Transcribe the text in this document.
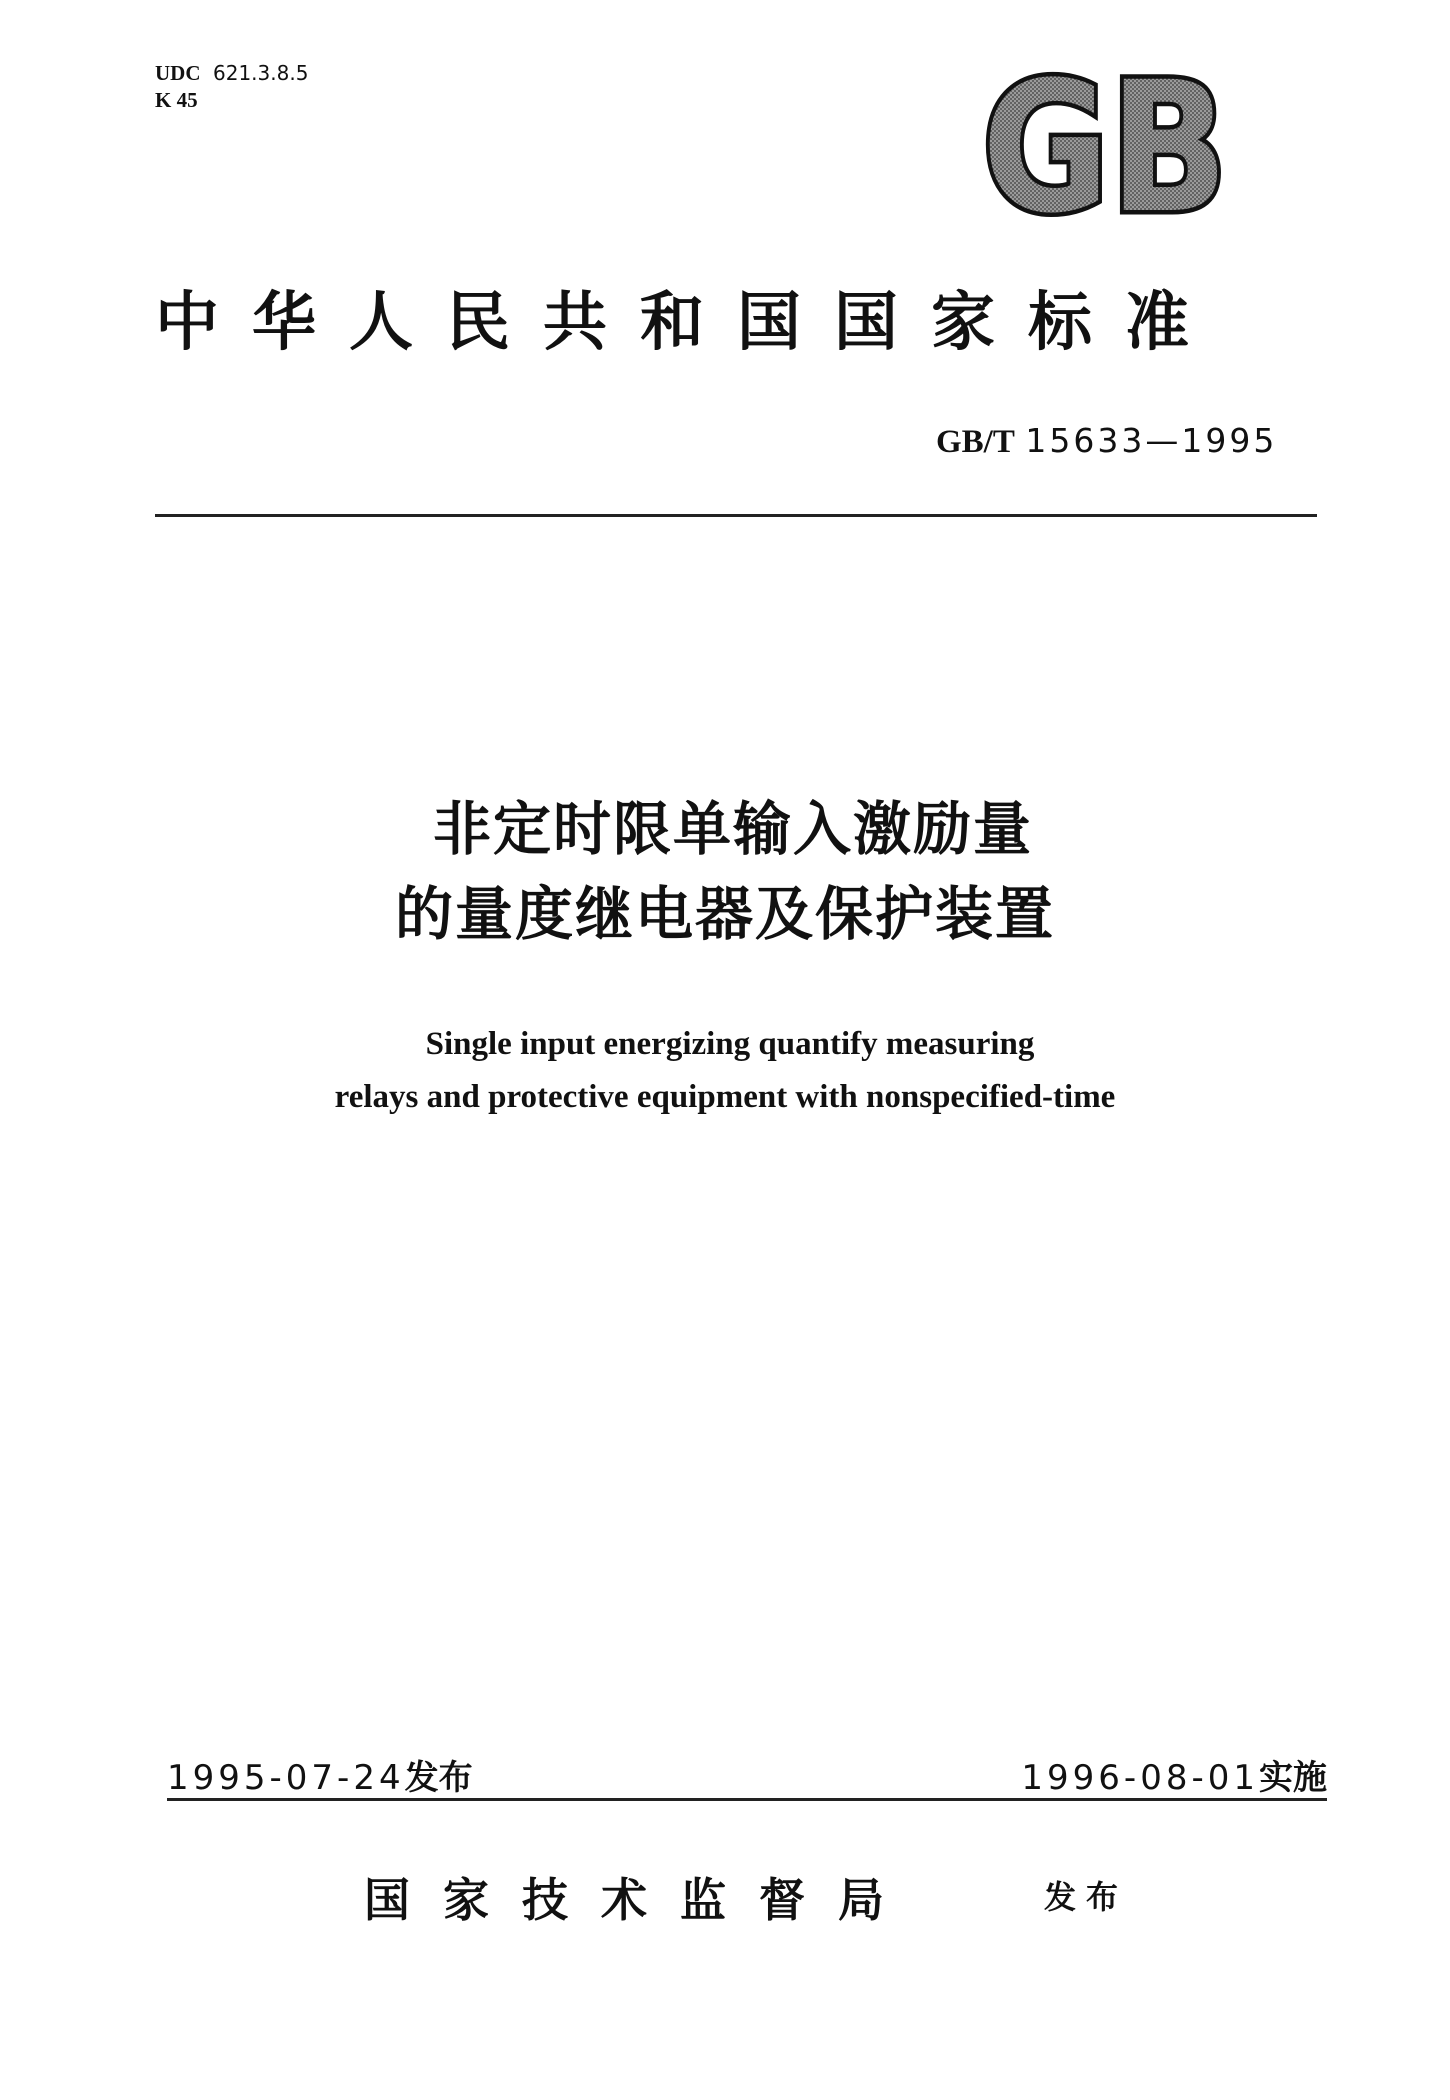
UDC 621.3.8.5
K 45	GB
中华人民共和国国家标准
GB/T 15633—1995
非定时限单输入激励量
的量度继电器及保护装置
Single input energizing quantify measuring
relays and protective equipment with nonspecified-time
1995-07-24发布	1996-08-01实施
国家技术监督局	发布
